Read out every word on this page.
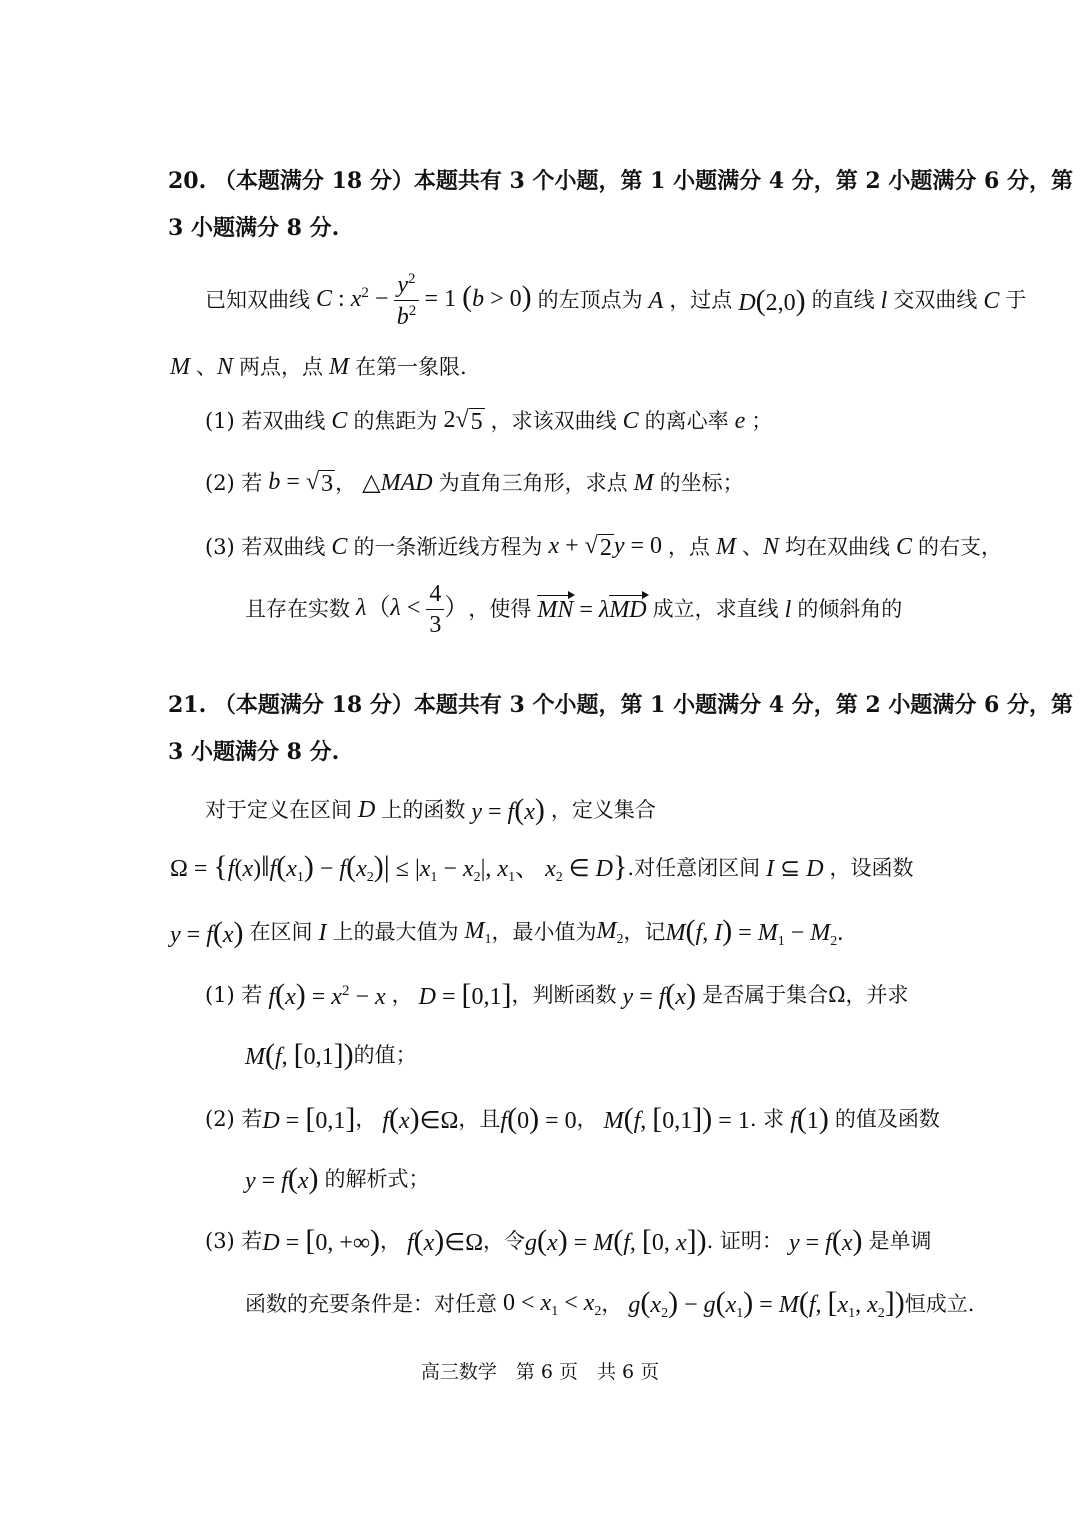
20. （本题满分 18 分）本题共有 3 个小题，第 1 小题满分 4 分，第 2 小题满分 6 分，第
3 小题满分 8 分.
已知双曲线 C : $x^2 - \frac{y^2}{b^2} = 1$ (b > 0) 的左顶点为 A ，过点 D(2,0) 的直线 l 交双曲线 C 于
M 、N 两点，点 M 在第一象限.
(1) 若双曲线 C 的焦距为 2 √ 5
，求该双曲线 C 的离心率 e ；
(2) 若 b = √ 3 ， △MAD 为直角三角形，求点 M 的坐标；
(3) 若双曲线 C 的一条渐近线方程为 x + √ 2 y = 0 ，点 M 、 N 均在双曲线 C 的右支，
且存在实数 $\lambda(\lambda < \frac{4}{3}$ ） ，使得 MN = λMD 成立，求直线 l 的倾斜角的
21. （本题满分 18 分）本题共有 3 个小题，第 1 小题满分 4 分，第 2 小题满分 6 分，第
3 小题满分 8 分.
对于定义在区间 D 上的函数 y = f(x) ，定义集合
$\Omega = \{f(x)‖f(x_1) - f(x_2)| \le |x_1 - x_2|$, $x_1$、 $x_2$ ∈ D} .对任意闭区间 I ⊆ D ，设函数
y = f(x) 在区间 I 上的最大值为 $M_1$ ，最小值为 $M_2$ ，记 M(f, $I) = M_1 - M_2$.
(1) 若 $f(x) = x^2 - x$ ， D = [0,1] ，判断函数 y = f(x) 是否属于集合Ω，并求
M(f, [0,1]) 的值；
(2) 若 D = [0,1] ， f(x)∈Ω ，且 f(0) = 0 ， M(f, [0,1]) = 1 . 求 f(1) 的值及函数
y = f(x) 的解析式；
(3) 若 D = [0, +∞) ， f(x)∈Ω ，令 g(x) = M(f, [0, x]) . 证明： y = f(x) 是单调
函数的充要条件是：对任意 $0 < x_1 < x_2$ ， $g(x_2) - g(x_1) = M(f$, [$x_1$, $x_2$]) 恒成立.
高三数学　第 6 页　共 6 页
